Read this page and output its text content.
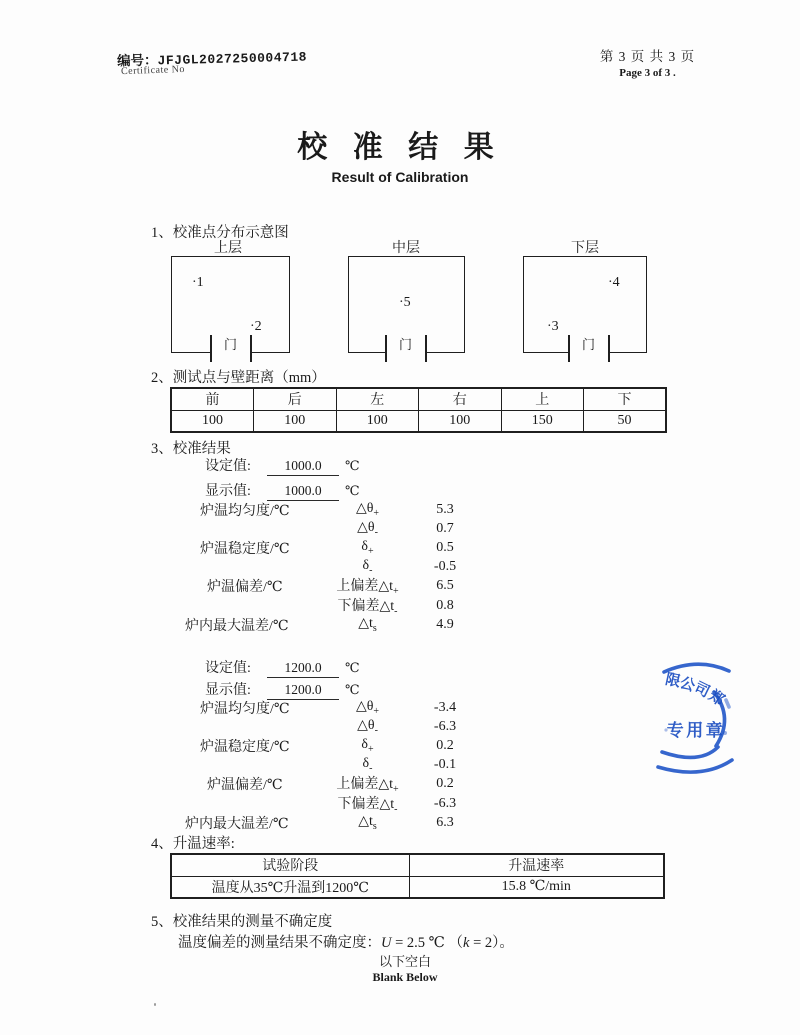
编号：JFJGL2027250004718
Certificate No
第 3 页 共 3 页
Page 3 of 3 .
校 准 结 果
Result of Calibration
1、校准点分布示意图
上层	中层	下层
·1
·2
门
·5
门
·4
·3
门
2、测试点与壁距离（mm）
前	后	左	右	上	下
100	100	100	100	150	50
3、校准结果
设定值: 1000.0 ℃
显示值: 1000.0 ℃
炉温均匀度/℃	$\triangle\theta_+$	5.3
$\triangle\theta_-$	0.7
炉温稳定度/℃	$\delta_+$	0.5
$\delta_-$	-0.5
炉温偏差/℃	上偏差$\triangle t_+$	6.5
下偏差$\triangle t_-$	0.8
炉内最大温差/℃	$\triangle t_s$	4.9
设定值: 1200.0 ℃
显示值: 1200.0 ℃
炉温均匀度/℃	$\triangle\theta_+$	-3.4
$\triangle\theta_-$	-6.3
炉温稳定度/℃	$\delta_+$	0.2
$\delta_-$	-0.1
炉温偏差/℃	上偏差$\triangle t_+$	0.2
下偏差$\triangle t_-$	-6.3
炉内最大温差/℃	$\triangle t_s$	6.3
4、升温速率:
试验阶段	升温速率
温度从35℃升温到1200℃	15.8 ℃/min
5、校准结果的测量不确定度
温度偏差的测量结果不确定度：U = 2.5 ℃ （k = 2）。
以下空白
Blank Below
限
公
司
郑
专用章
